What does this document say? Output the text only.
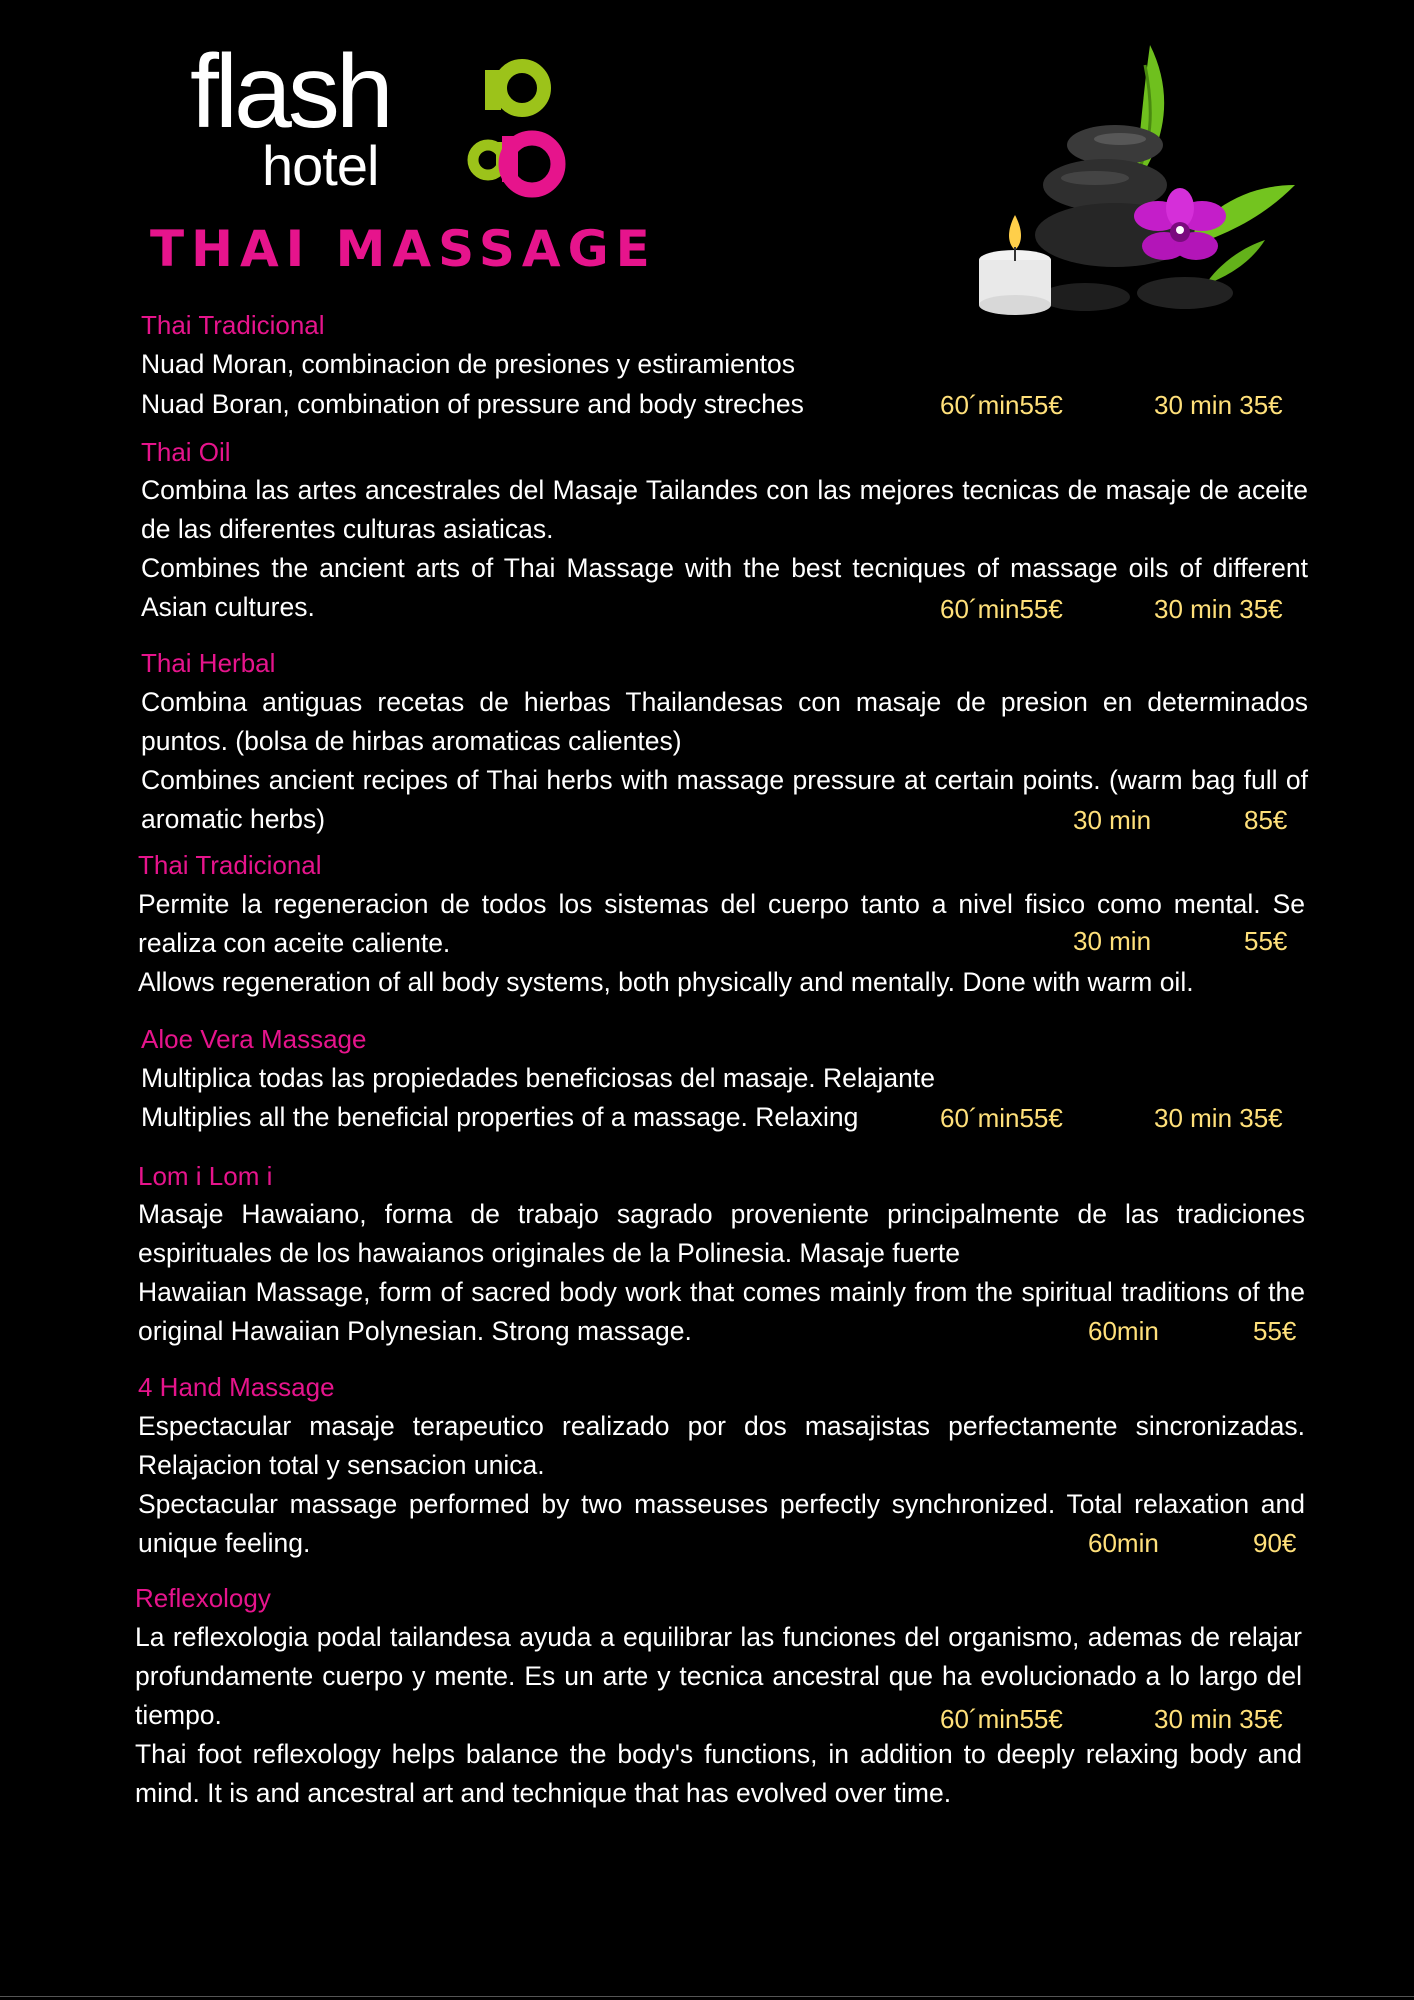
flash
hotel
THAI MASSAGE
Thai Tradicional
Nuad Moran, combinacion de presiones y estiramientos
Nuad Boran, combination of pressure and body streches	60´min55€	30 min 35€
Thai Oil
Combina las artes ancestrales del Masaje Tailandes con las mejores tecnicas de masaje de aceite de las diferentes culturas asiaticas.
Combines the ancient arts of Thai Massage with the best tecniques of massage oils of different Asian cultures.	60´min55€	30 min 35€
Thai Herbal
Combina antiguas recetas de hierbas Thailandesas con masaje de presion en determinados puntos. (bolsa de hirbas aromaticas calientes)
Combines ancient recipes of Thai herbs with massage pressure at certain points. (warm bag full of aromatic herbs)	30 min	85€
Thai Tradicional
Permite la regeneracion de todos los sistemas del cuerpo tanto a nivel fisico como mental. Se realiza con aceite caliente.
Allows regeneration of all body systems, both physically and mentally. Done with warm oil.
30 min	55€
Aloe Vera Massage
Multiplica todas las propiedades beneficiosas del masaje. Relajante
Multiplies all the beneficial properties of a massage. Relaxing	60´min55€	30 min 35€
Lom i Lom i
Masaje Hawaiano, forma de trabajo sagrado proveniente principalmente de las tradiciones espirituales de los hawaianos originales de la Polinesia. Masaje fuerte
Hawaiian Massage, form of sacred body work that comes mainly from the spiritual traditions of the original Hawaiian Polynesian. Strong massage.	60min	55€
4 Hand Massage
Espectacular masaje terapeutico realizado por dos masajistas perfectamente sincronizadas. Relajacion total y sensacion unica.
Spectacular massage performed by two masseuses perfectly synchronized. Total relaxation and unique feeling.	60min	90€
Reflexology
La reflexologia podal tailandesa ayuda a equilibrar las funciones del organismo, ademas de relajar profundamente cuerpo y mente. Es un arte y tecnica ancestral que ha evolucionado a lo largo del tiempo.
Thai foot reflexology helps balance the body's functions, in addition to deeply relaxing body and mind. It is and ancestral art and technique that has evolved over time.
60´min55€	30 min 35€
